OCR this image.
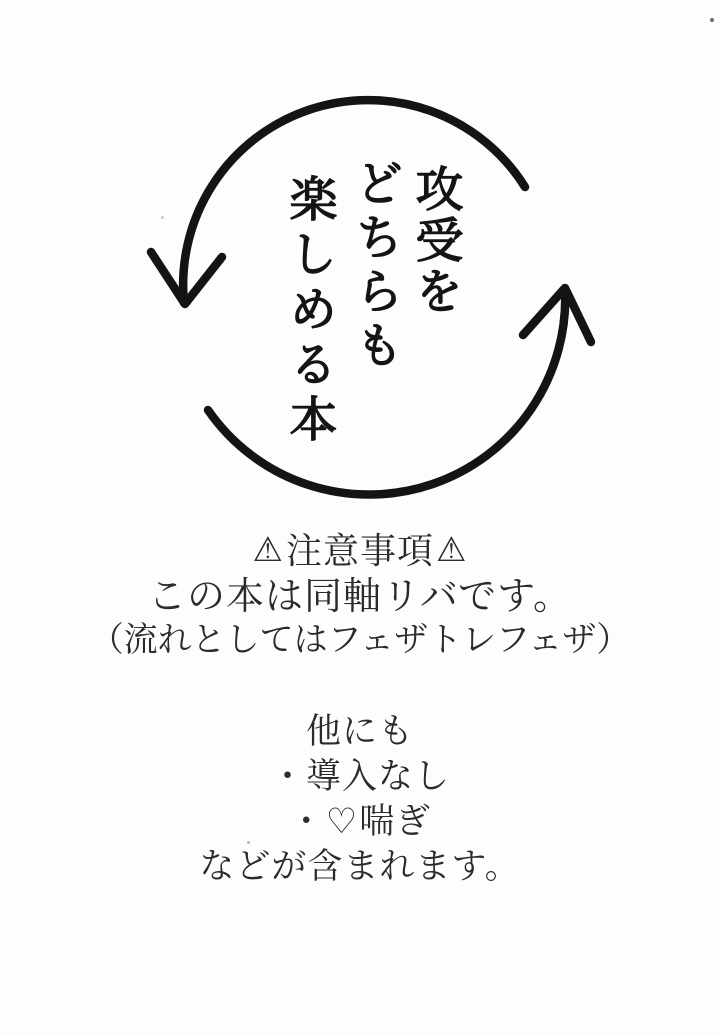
攻受を
どちらも
楽しめる本
⚠注意事項⚠
この本は同軸リバです。
（流れとしてはフェザトレフェザ）
他にも
・導入なし
・♡喘ぎ
などが含まれます。
